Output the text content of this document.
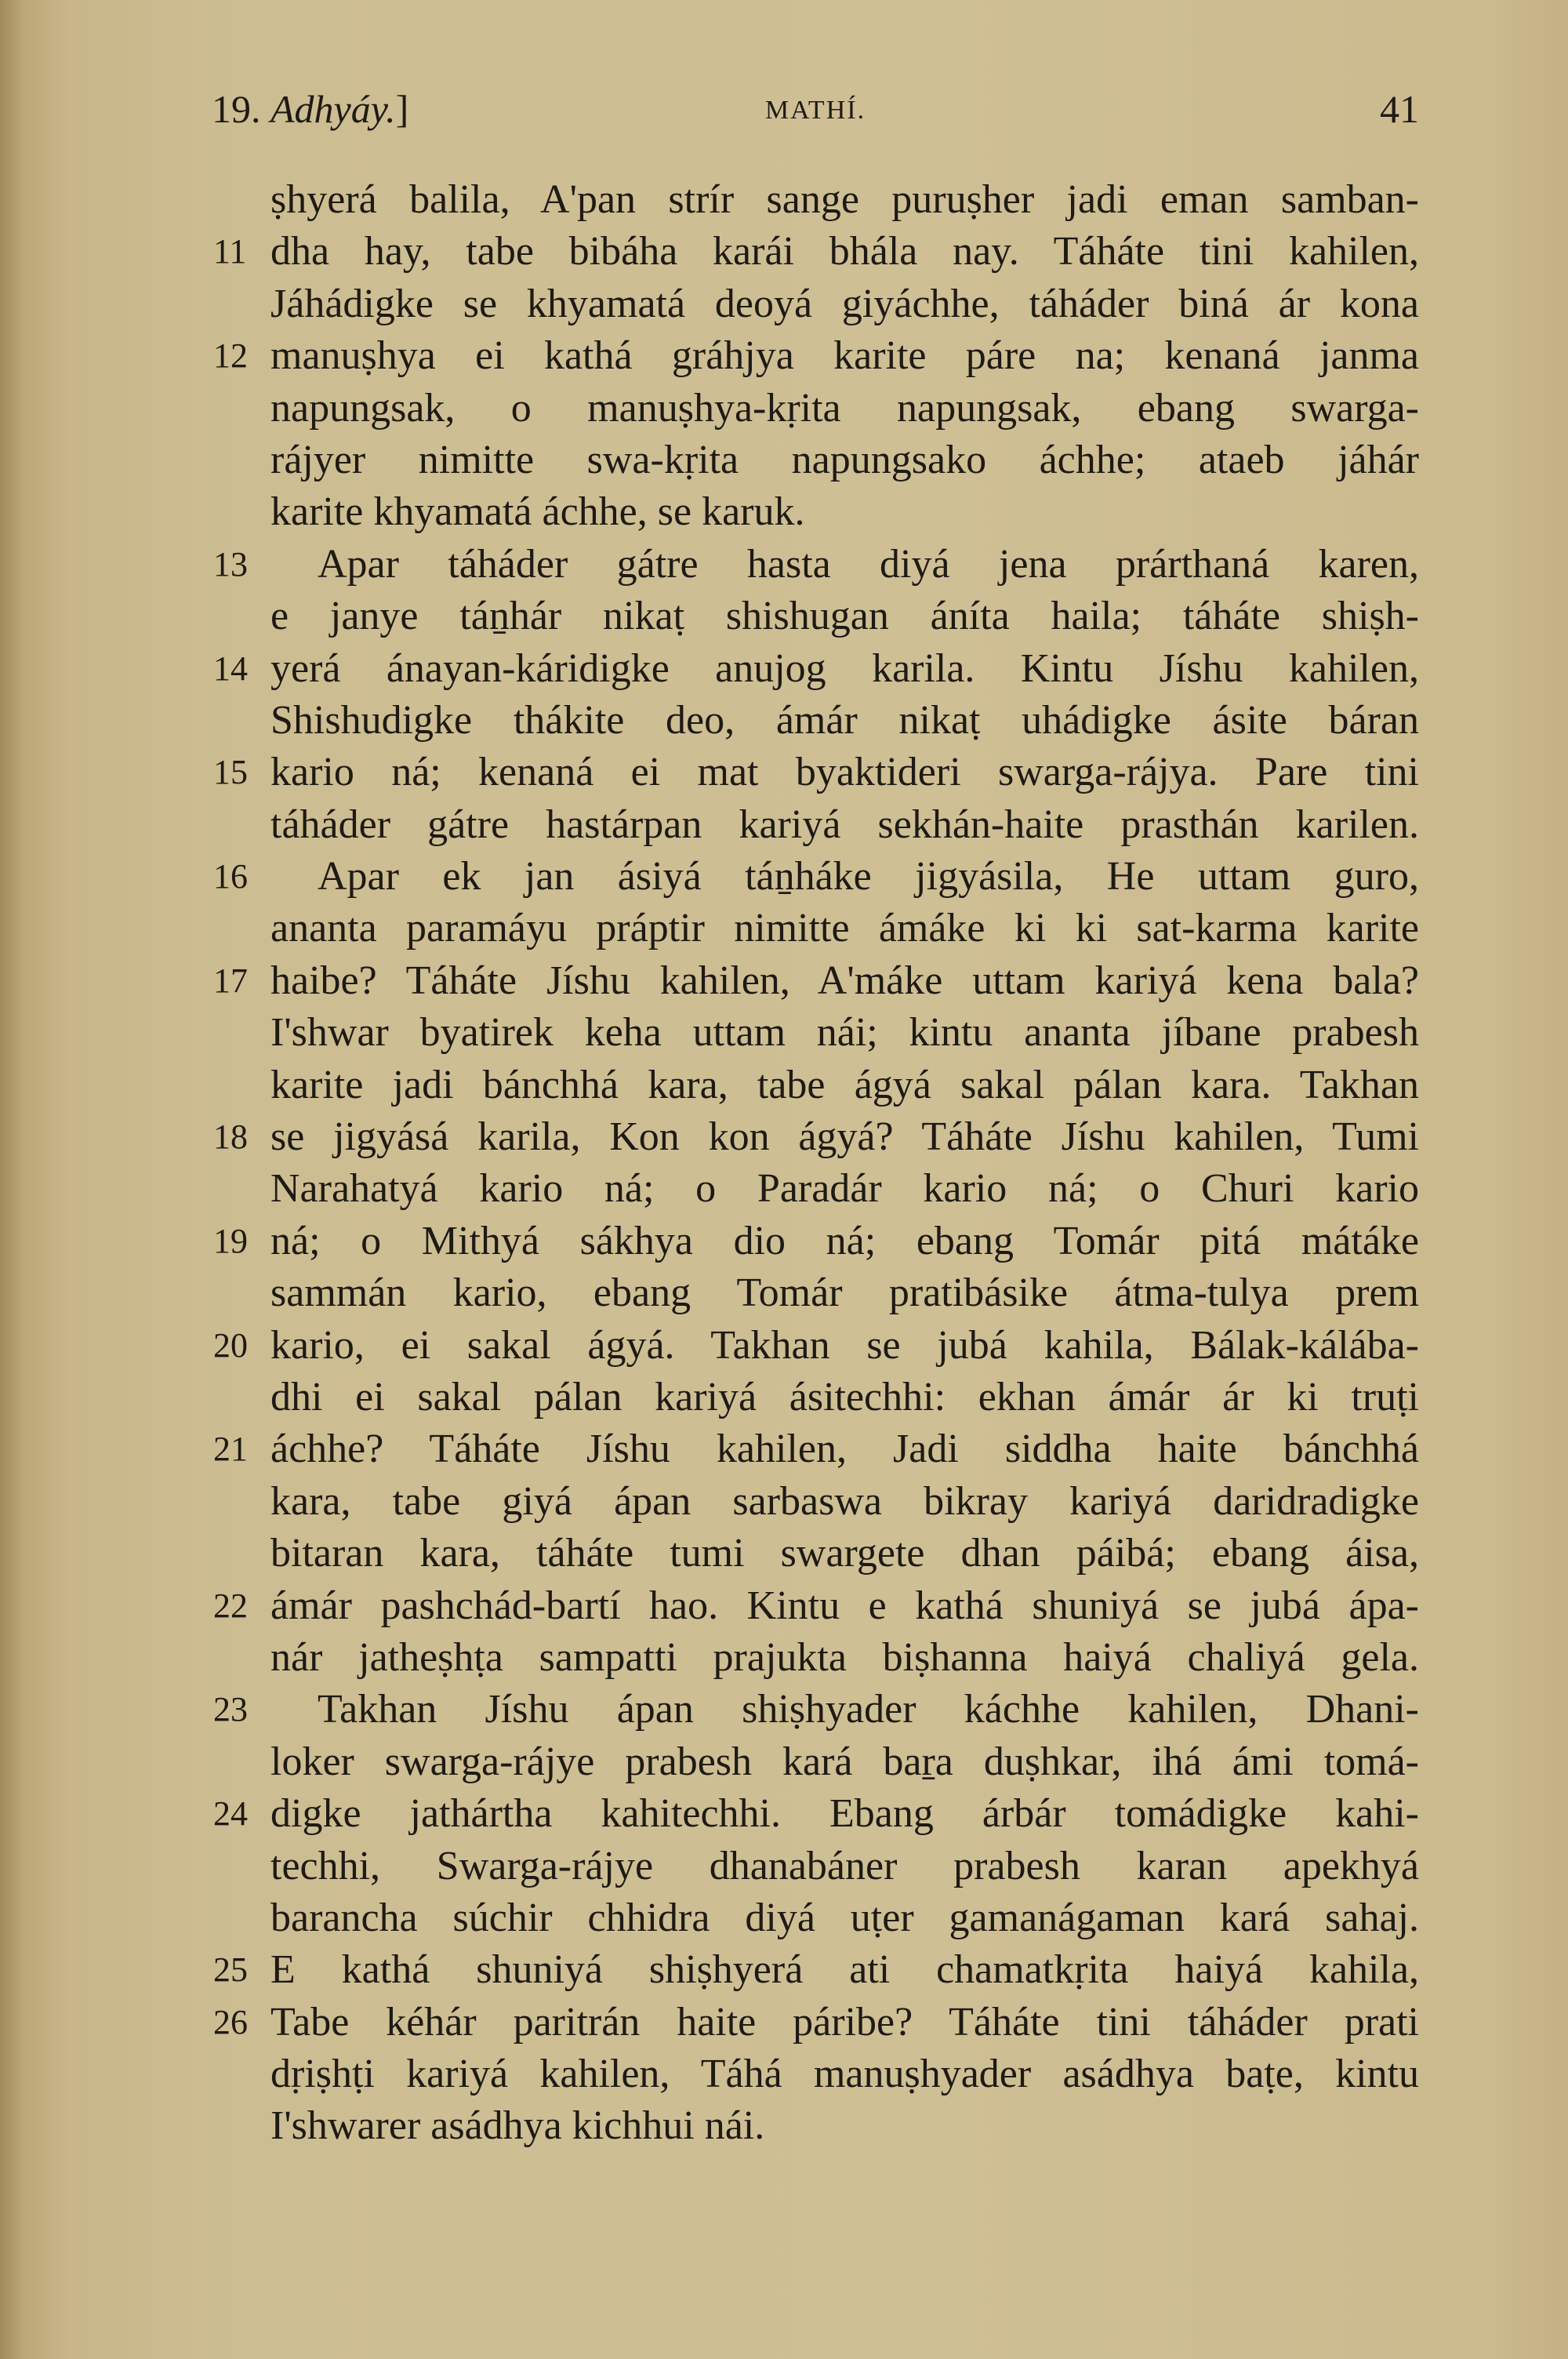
19. Adhyáy.]	MATHÍ.	41
ṣhyerá balila, A'pan strír sange puruṣher jadi eman samban-
11 dha hay, tabe bibáha karái bhála nay. Táháte tini kahilen,
Jáhádigke se khyamatá deoyá giyáchhe, táháder biná ár kona
12 manuṣhya ei kathá gráhjya karite páre na; kenaná janma
napungsak, o manuṣhya-kṛita napungsak, ebang swarga-
rájyer nimitte swa-kṛita napungsako áchhe; ataeb jáhár
karite khyamatá áchhe, se karuk.
13	Apar táháder gátre hasta diyá jena prárthaná karen,
e janye táṉhár nikaṭ shishugan áníta haila; táháte shiṣh-
14 yerá ánayan-káridigke anujog karila. Kintu Jíshu kahilen,
Shishudigke thákite deo, ámár nikaṭ uhádigke ásite báran
15 kario ná; kenaná ei mat byaktideri swarga-rájya. Pare tini
táháder gátre hastárpan kariyá sekhán-haite prasthán karilen.
16	Apar ek jan ásiyá táṉháke jigyásila, He uttam guro,
ananta paramáyu práptir nimitte ámáke ki ki sat-karma karite
17 haibe? Táháte Jíshu kahilen, A'máke uttam kariyá kena bala?
I'shwar byatirek keha uttam nái; kintu ananta jíbane prabesh
karite jadi bánchhá kara, tabe ágyá sakal pálan kara. Takhan
18 se jigyásá karila, Kon kon ágyá? Táháte Jíshu kahilen, Tumi
Narahatyá kario ná; o Paradár kario ná; o Churi kario
19 ná; o Mithyá sákhya dio ná; ebang Tomár pitá mátáke
sammán kario, ebang Tomár pratibásike átma-tulya prem
20 kario, ei sakal ágyá. Takhan se jubá kahila, Bálak-kálába-
dhi ei sakal pálan kariyá ásitechhi: ekhan ámár ár ki truṭi
21 áchhe? Táháte Jíshu kahilen, Jadi siddha haite bánchhá
kara, tabe giyá ápan sarbaswa bikray kariyá daridradigke
bitaran kara, táháte tumi swargete dhan páibá; ebang áisa,
22 ámár pashchád-bartí hao. Kintu e kathá shuniyá se jubá ápa-
nár jatheṣhṭa sampatti prajukta biṣhanna haiyá chaliyá gela.
23	Takhan Jíshu ápan shiṣhyader káchhe kahilen, Dhani-
loker swarga-rájye prabesh kará baṟa duṣhkar, ihá ámi tomá-
24 digke jathártha kahitechhi. Ebang árbár tomádigke kahi-
techhi, Swarga-rájye dhanabáner prabesh karan apekhyá
barancha súchir chhidra diyá uṭer gamanágaman kará sahaj.
25 E kathá shuniyá shiṣhyerá ati chamatkṛita haiyá kahila,
26 Tabe kéhár paritrán haite páribe? Táháte tini táháder prati
dṛiṣhṭi kariyá kahilen, Táhá manuṣhyader asádhya baṭe, kintu
I'shwarer asádhya kichhui nái.
